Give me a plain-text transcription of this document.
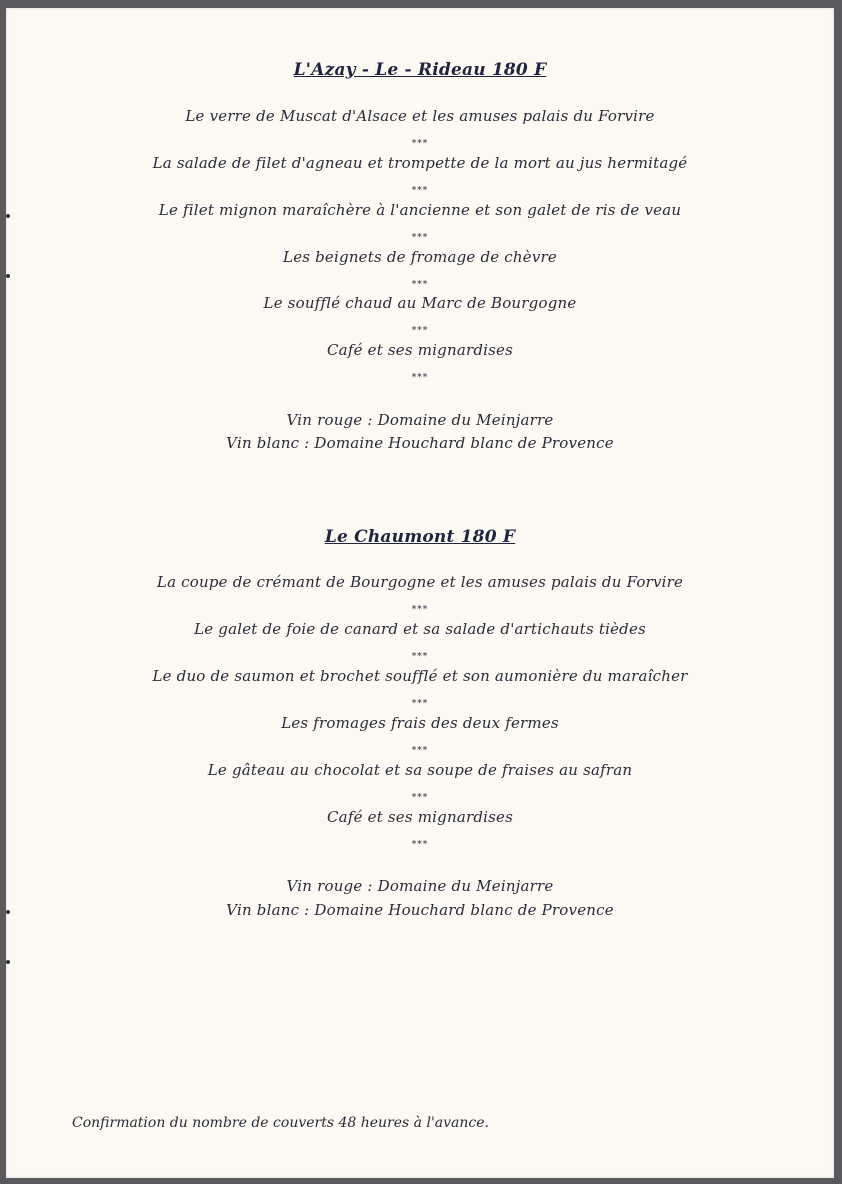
L'Azay - Le - Rideau 180 F
Le verre de Muscat d'Alsace et les amuses palais du Forvire
***
La salade de filet d'agneau et trompette de la mort au jus hermitagé
***
Le filet mignon maraîchère à l'ancienne et son galet de ris de veau
***
Les beignets de fromage de chèvre
***
Le soufflé chaud au Marc de Bourgogne
***
Café et ses mignardises
***
Vin rouge : Domaine du Meinjarre
Vin blanc : Domaine Houchard blanc de Provence
Le Chaumont 180 F
La coupe de crémant de Bourgogne et les amuses palais du Forvire
***
Le galet de foie de canard et sa salade d'artichauts tièdes
***
Le duo de saumon et brochet soufflé et son aumonière du maraîcher
***
Les fromages frais des deux fermes
***
Le gâteau au chocolat et sa soupe de fraises au safran
***
Café et ses mignardises
***
Vin rouge : Domaine du Meinjarre
Vin blanc : Domaine Houchard blanc de Provence
Confirmation du nombre de couverts 48 heures à l'avance.
